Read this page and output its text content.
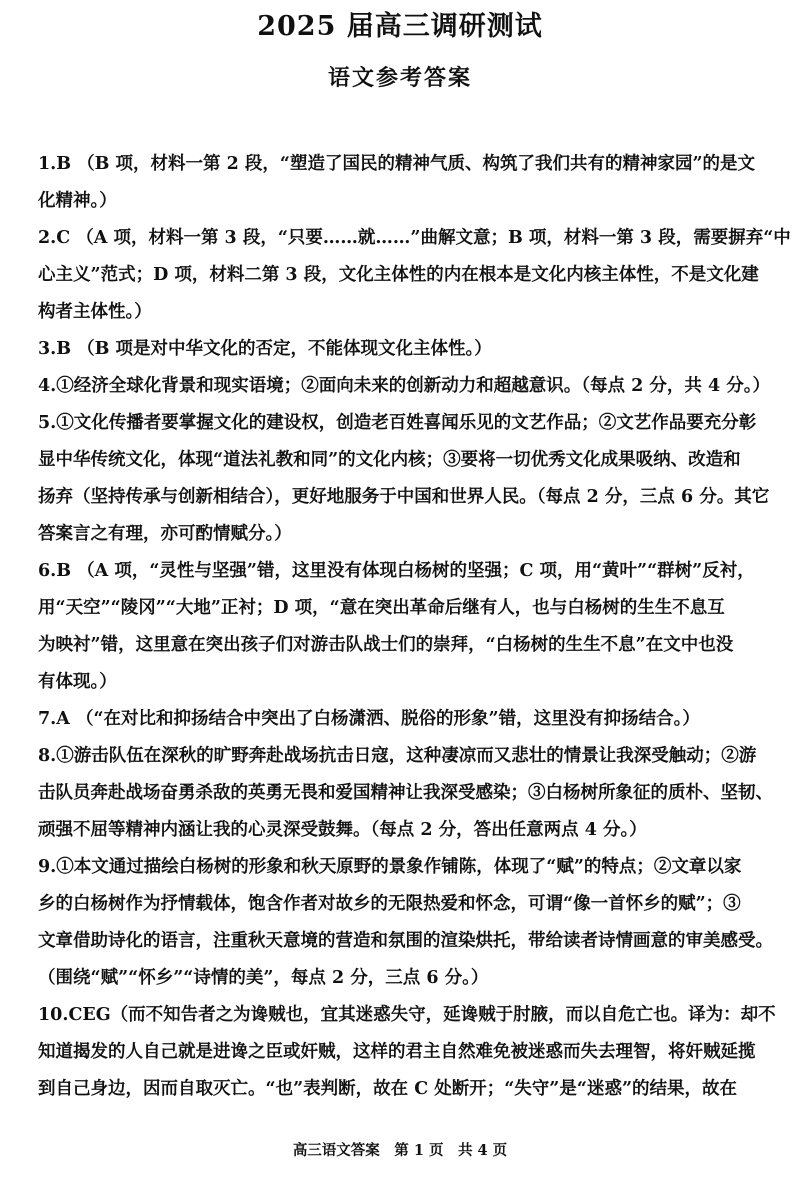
2025 届高三调研测试
语文参考答案

1.B （B 项，材料一第 2 段，“塑造了国民的精神气质、构筑了我们共有的精神家园”的是文
化精神。）

2.C （A 项，材料一第 3 段，“只要……就……”曲解文意；B 项，材料一第 3 段，需要摒弃“中
心主义”范式；D 项，材料二第 3 段，文化主体性的内在根本是文化内核主体性，不是文化建
构者主体性。）

3.B （B 项是对中华文化的否定，不能体现文化主体性。）

4.①经济全球化背景和现实语境；②面向未来的创新动力和超越意识。（每点 2 分，共 4 分。）

5.①文化传播者要掌握文化的建设权，创造老百姓喜闻乐见的文艺作品；②文艺作品要充分彰
显中华传统文化，体现“道法礼教和同”的文化内核；③要将一切优秀文化成果吸纳、改造和
扬弃（坚持传承与创新相结合），更好地服务于中国和世界人民。（每点 2 分，三点 6 分。其它
答案言之有理，亦可酌情赋分。）

6.B （A 项，“灵性与坚强”错，这里没有体现白杨树的坚强；C 项，用“黄叶”“群树”反衬，
用“天空”“陵冈”“大地”正衬；D 项，“意在突出革命后继有人，也与白杨树的生生不息互
为映衬”错，这里意在突出孩子们对游击队战士们的崇拜，“白杨树的生生不息”在文中也没
有体现。）

7.A （“在对比和抑扬结合中突出了白杨潇洒、脱俗的形象”错，这里没有抑扬结合。）

8.①游击队伍在深秋的旷野奔赴战场抗击日寇，这种凄凉而又悲壮的情景让我深受触动；②游
击队员奔赴战场奋勇杀敌的英勇无畏和爱国精神让我深受感染；③白杨树所象征的质朴、坚韧、
顽强不屈等精神内涵让我的心灵深受鼓舞。（每点 2 分，答出任意两点 4 分。）

9.①本文通过描绘白杨树的形象和秋天原野的景象作铺陈，体现了“赋”的特点；②文章以家
乡的白杨树作为抒情载体，饱含作者对故乡的无限热爱和怀念，可谓“像一首怀乡的赋”；③
文章借助诗化的语言，注重秋天意境的营造和氛围的渲染烘托，带给读者诗情画意的审美感受。
（围绕“赋”“怀乡”“诗情的美”，每点 2 分，三点 6 分。）

10.CEG（而不知告者之为谗贼也，宜其迷惑失守，延谗贼于肘腋，而以自危亡也。译为：却不
知道揭发的人自己就是进谗之臣或奸贼，这样的君主自然难免被迷惑而失去理智，将奸贼延揽
到自己身边，因而自取灭亡。“也”表判断，故在 C 处断开；“失守”是“迷惑”的结果，故在

高三语文答案　第 1 页　共 4 页
